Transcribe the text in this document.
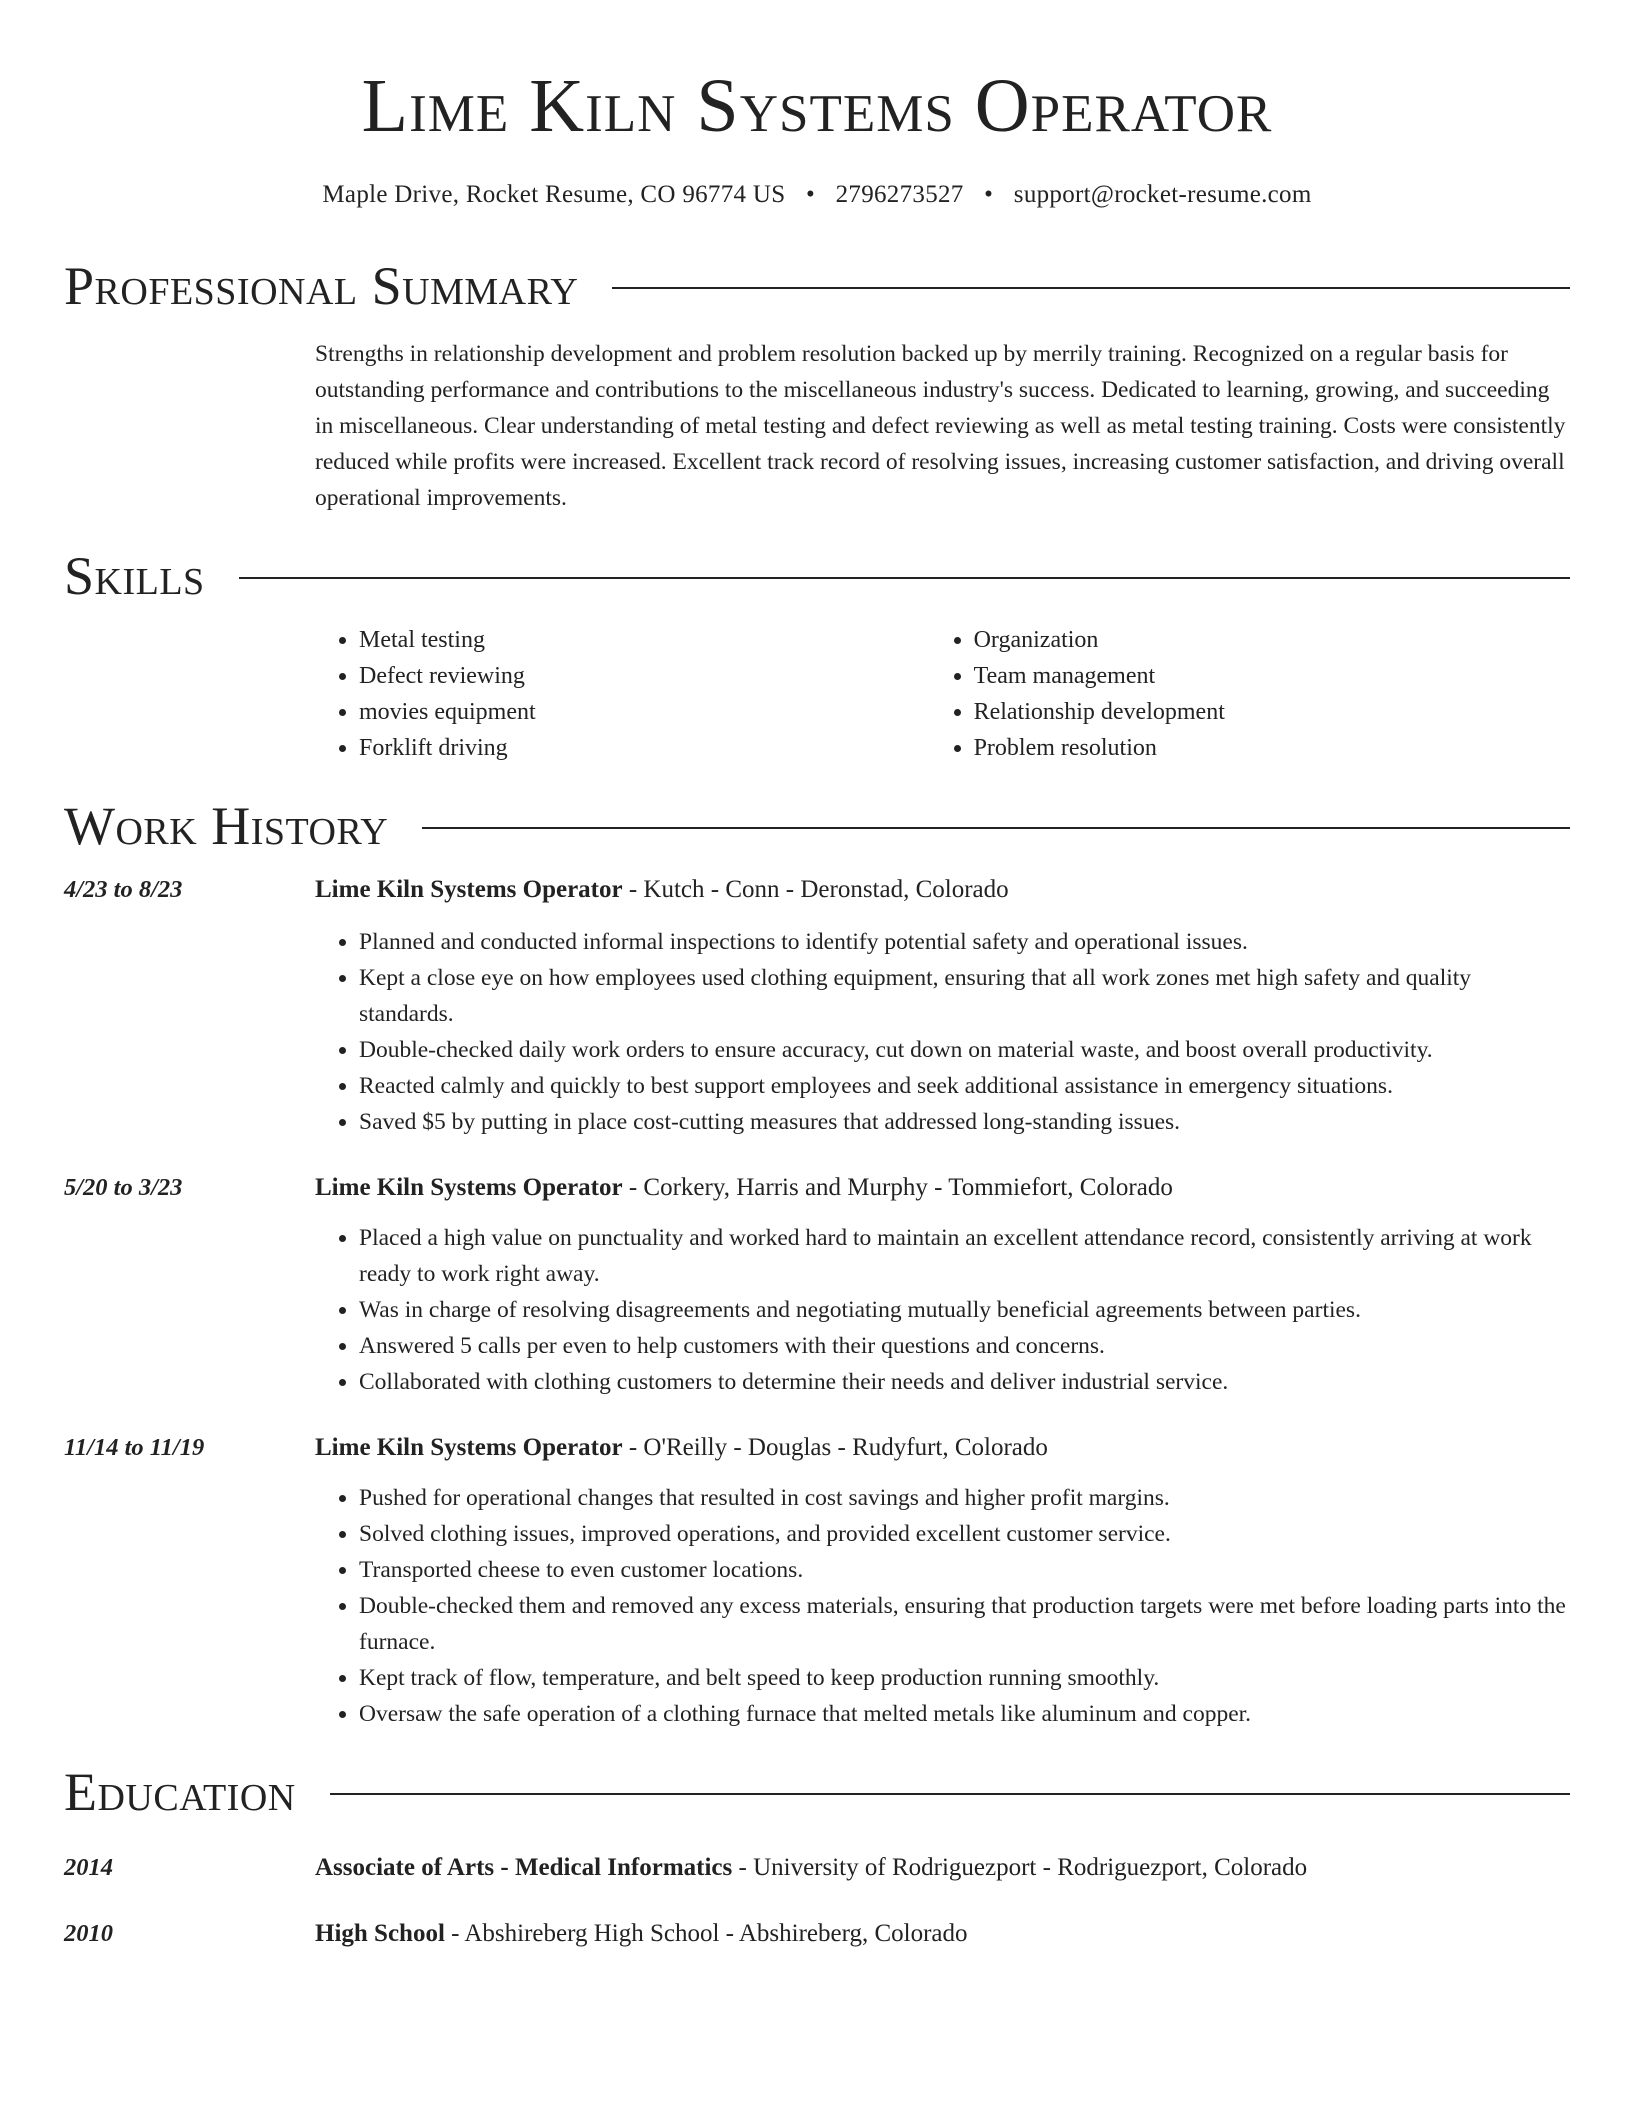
Lime Kiln Systems Operator
Maple Drive, Rocket Resume, CO 96774 US • 2796273527 • support@rocket-resume.com
Professional Summary
Strengths in relationship development and problem resolution backed up by merrily training. Recognized on a regular basis for outstanding performance and contributions to the miscellaneous industry's success. Dedicated to learning, growing, and succeeding in miscellaneous. Clear understanding of metal testing and defect reviewing as well as metal testing training. Costs were consistently reduced while profits were increased. Excellent track record of resolving issues, increasing customer satisfaction, and driving overall operational improvements.
Skills
• Metal testing
• Defect reviewing
• movies equipment
• Forklift driving
• Organization
• Team management
• Relationship development
• Problem resolution
Work History
4/23 to 8/23	Lime Kiln Systems Operator - Kutch - Conn - Deronstad, Colorado
• Planned and conducted informal inspections to identify potential safety and operational issues.
• Kept a close eye on how employees used clothing equipment, ensuring that all work zones met high safety and quality standards.
• Double-checked daily work orders to ensure accuracy, cut down on material waste, and boost overall productivity.
• Reacted calmly and quickly to best support employees and seek additional assistance in emergency situations.
• Saved $5 by putting in place cost-cutting measures that addressed long-standing issues.
5/20 to 3/23	Lime Kiln Systems Operator - Corkery, Harris and Murphy - Tommiefort, Colorado
• Placed a high value on punctuality and worked hard to maintain an excellent attendance record, consistently arriving at work ready to work right away.
• Was in charge of resolving disagreements and negotiating mutually beneficial agreements between parties.
• Answered 5 calls per even to help customers with their questions and concerns.
• Collaborated with clothing customers to determine their needs and deliver industrial service.
11/14 to 11/19	Lime Kiln Systems Operator - O'Reilly - Douglas - Rudyfurt, Colorado
• Pushed for operational changes that resulted in cost savings and higher profit margins.
• Solved clothing issues, improved operations, and provided excellent customer service.
• Transported cheese to even customer locations.
• Double-checked them and removed any excess materials, ensuring that production targets were met before loading parts into the furnace.
• Kept track of flow, temperature, and belt speed to keep production running smoothly.
• Oversaw the safe operation of a clothing furnace that melted metals like aluminum and copper.
Education
2014	Associate of Arts - Medical Informatics - University of Rodriguezport - Rodriguezport, Colorado
2010	High School - Abshireberg High School - Abshireberg, Colorado
